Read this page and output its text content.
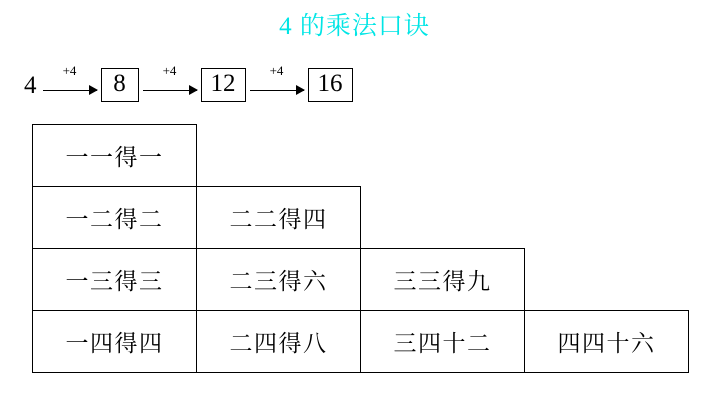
4 的乘法口诀
4
+4	8	+4	12	+4	16
一一得一
一二得二	二二得四
一三得三	二三得六	三三得九
一四得四	二四得八	三四十二	四四十六
